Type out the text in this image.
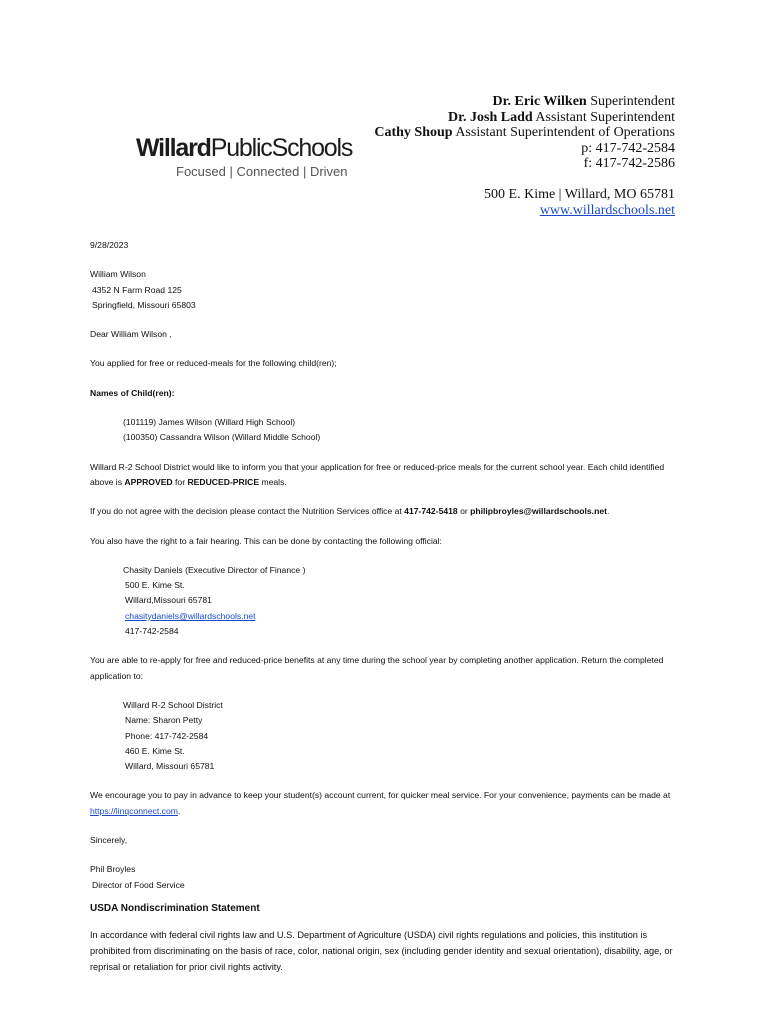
Dr. Eric Wilken Superintendent
Dr. Josh Ladd Assistant Superintendent
Cathy Shoup Assistant Superintendent of Operations
p: 417-742-2584
f: 417-742-2586
500 E. Kime | Willard, MO 65781
www.willardschools.net
WillardPublicSchools
Focused | Connected | Driven

9/28/2023

William Wilson

4352 N Farm Road 125

Springfield, Missouri 65803

Dear William Wilson ,

You applied for free or reduced-meals for the following child(ren);

Names of Child(ren):

(101119) James Wilson (Willard High School)

(100350) Cassandra Wilson (Willard Middle School)

Willard R-2 School District would like to inform you that your application for free or reduced-price meals for the current school year. Each child identified above is APPROVED for REDUCED-PRICE meals.

If you do not agree with the decision please contact the Nutrition Services office at 417-742-5418 or philipbroyles@willardschools.net.

You also have the right to a fair hearing. This can be done by contacting the following official:

Chasity Daniels (Executive Director of Finance )

500 E. Kime St.

Willard,Missouri 65781

chasitydaniels@willardschools.net

417-742-2584

You are able to re-apply for free and reduced-price benefits at any time during the school year by completing another application. Return the completed application to:

Willard R-2 School District

Name: Sharon Petty

Phone: 417-742-2584

460 E. Kime St.

Willard, Missouri 65781

We encourage you to pay in advance to keep your student(s) account current, for quicker meal service. For your convenience, payments can be made at https://linqconnect.com.

Sincerely,

Phil Broyles

Director of Food Service

USDA Nondiscrimination Statement

In accordance with federal civil rights law and U.S. Department of Agriculture (USDA) civil rights regulations and policies, this institution is prohibited from discriminating on the basis of race, color, national origin, sex (including gender identity and sexual orientation), disability, age, or reprisal or retaliation for prior civil rights activity.
